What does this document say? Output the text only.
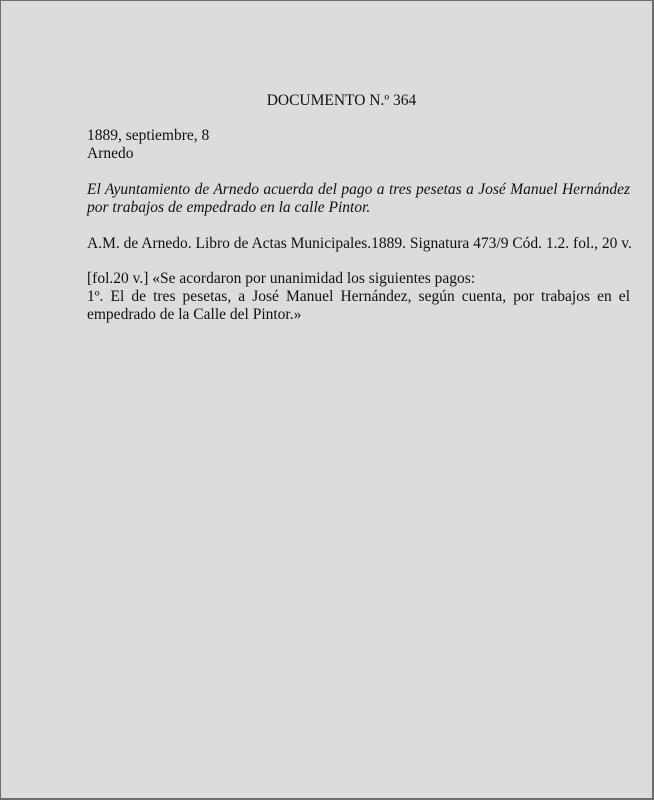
DOCUMENTO N.º 364
1889, septiembre, 8
Arnedo
El Ayuntamiento de Arnedo acuerda del pago a tres pesetas a José Manuel Hernández
por trabajos de empedrado en la calle Pintor.
A.M. de Arnedo. Libro de Actas Municipales.1889. Signatura 473/9 Cód. 1.2. fol., 20 v.
[fol.20 v.] «Se acordaron por unanimidad los siguientes pagos:
1º. El de tres pesetas, a José Manuel Hernández, según cuenta, por trabajos en el
empedrado de la Calle del Pintor.»
